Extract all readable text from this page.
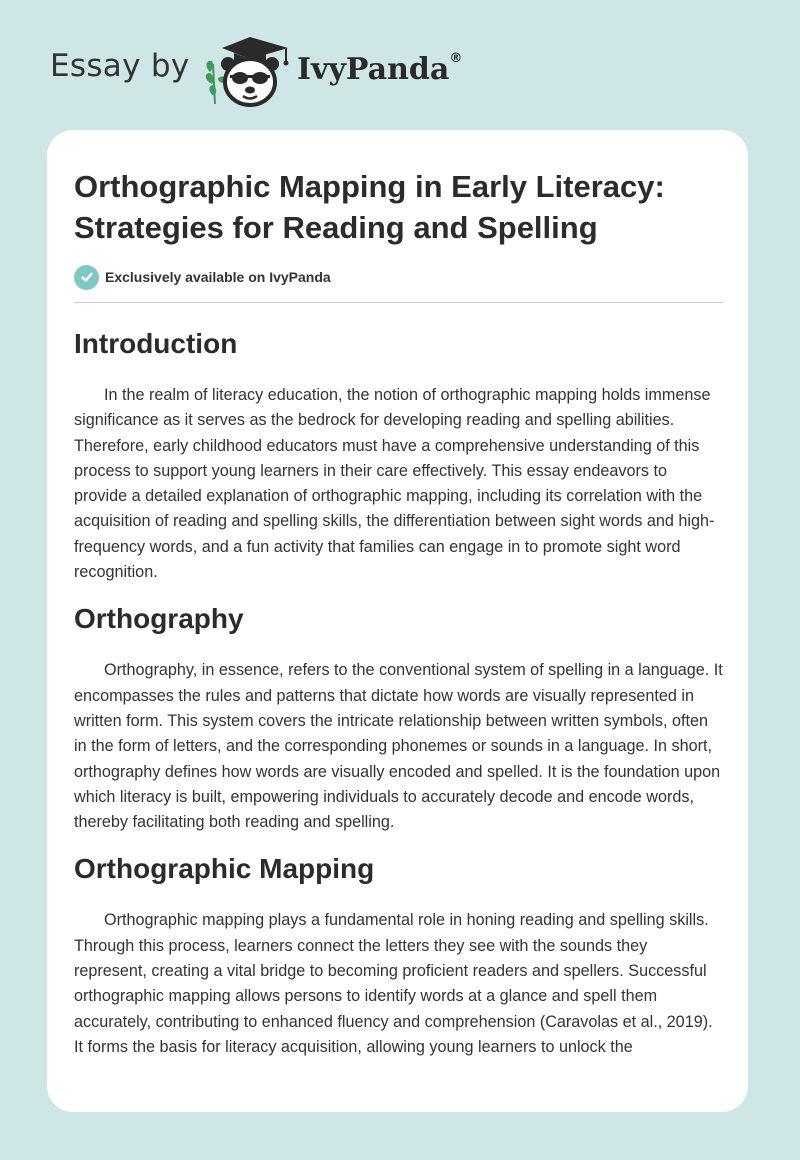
Essay by	IvyPanda®
Orthographic Mapping in Early Literacy: Strategies for Reading and Spelling
Exclusively available on IvyPanda
Introduction

In the realm of literacy education, the notion of orthographic mapping holds immense significance as it serves as the bedrock for developing reading and spelling abilities. Therefore, early childhood educators must have a comprehensive understanding of this process to support young learners in their care effectively. This essay endeavors to provide a detailed explanation of orthographic mapping, including its correlation with the acquisition of reading and spelling skills, the differentiation between sight words and high-frequency words, and a fun activity that families can engage in to promote sight word recognition.

Orthography

Orthography, in essence, refers to the conventional system of spelling in a language. It encompasses the rules and patterns that dictate how words are visually represented in written form. This system covers the intricate relationship between written symbols, often in the form of letters, and the corresponding phonemes or sounds in a language. In short, orthography defines how words are visually encoded and spelled. It is the foundation upon which literacy is built, empowering individuals to accurately decode and encode words, thereby facilitating both reading and spelling.

Orthographic Mapping

Orthographic mapping plays a fundamental role in honing reading and spelling skills. Through this process, learners connect the letters they see with the sounds they represent, creating a vital bridge to becoming proficient readers and spellers. Successful orthographic mapping allows persons to identify words at a glance and spell them accurately, contributing to enhanced fluency and comprehension (Caravolas et al., 2019). It forms the basis for literacy acquisition, allowing young learners to unlock the
